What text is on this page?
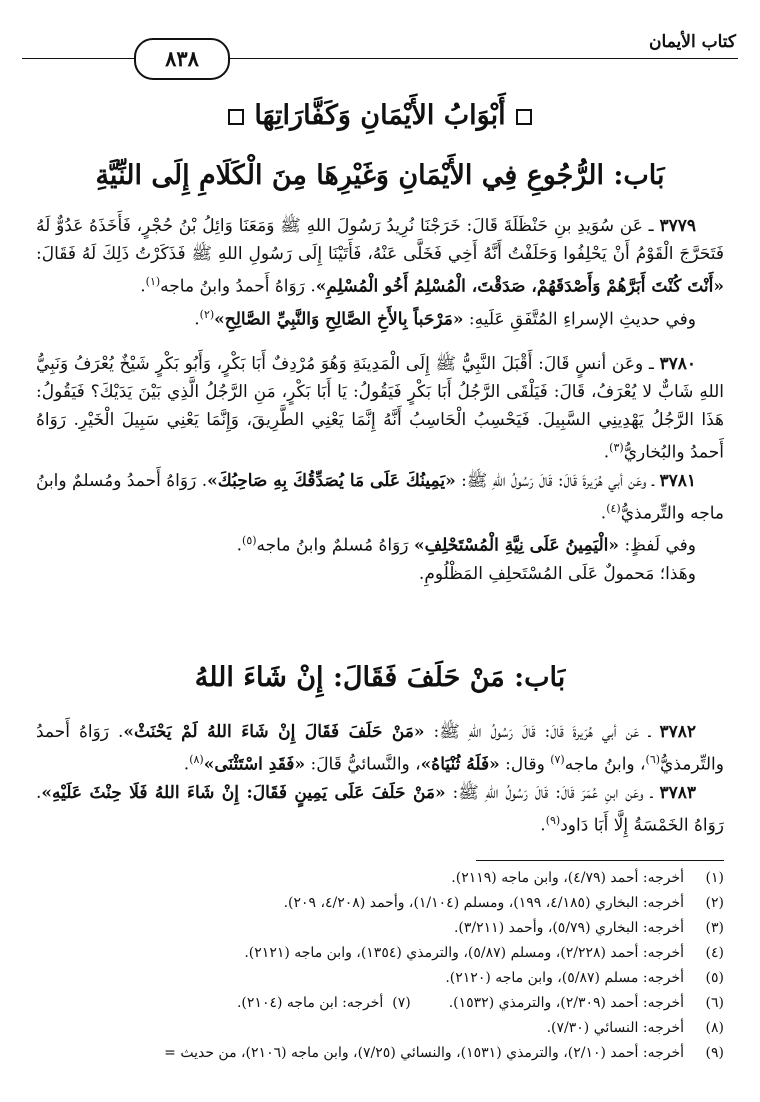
كتاب الأيمان
٨٣٨
أَبْوَابُ الأَيْمَانِ وَكَفَّارَاتِهَا
بَاب: الرُّجُوعِ فِي الأَيْمَانِ وَغَيْرِهَا مِنَ الْكَلَامِ إِلَى النِّيَّةِ

٣٧٧٩ ـ عَن سُوَيدِ بنِ حَنْظَلَةَ قَالَ: خَرَجْنَا نُرِيدُ رَسُولَ اللهِ ﷺ وَمَعَنَا وَائِلُ بْنُ حُجْرٍ، فَأَخَذَهُ عَدُوٌّ لَهُ فَتَحَرَّجَ الْقَوْمُ أَنْ يَحْلِفُوا وَحَلَفْتُ أَنَّهُ أَخِي فَخَلَّى عَنْهُ، فَأَتَيْنَا إِلَى رَسُولِ اللهِ ﷺ فَذَكَرْتُ ذَلِكَ لَهُ فَقَالَ: «أَنْتَ كُنْتَ أَبَرَّهُمْ وَأَصْدَقَهُمْ، صَدَقْتَ، الْمُسْلِمُ أَخُو الْمُسْلِمِ». رَوَاهُ أَحمدُ وابنُ ماجه$^{(١)}$.

وفي حديثِ الإسراءِ المُتَّفَقِ عَلَيهِ: «مَرْحَباً بِالأَخِ الصَّالِحِ وَالنَّبِيِّ الصَّالِحِ»$^{(٢)}$.

٣٧٨٠ ـ وعَن أنسٍ قَالَ: أَقْبَلَ النَّبِيُّ ﷺ إِلَى الْمَدِينَةِ وَهُوَ مُرْدِفٌ أَبَا بَكْرٍ، وَأَبُو بَكْرٍ شَيْخٌ يُعْرَفُ وَنَبِيُّ اللهِ شَابٌّ لا يُعْرَفُ، قَالَ: فَيَلْقَى الرَّجُلُ أَبَا بَكْرٍ فَيَقُولُ: يَا أَبَا بَكْرٍ، مَنِ الرَّجُلُ الَّذِي بَيْنَ يَدَيْكَ؟ فَيَقُولُ: هَذَا الرَّجُلُ يَهْدِينِي السَّبِيلَ. فَيَحْسِبُ الْحَاسِبُ أَنَّهُ إِنَّمَا يَعْنِي الطَّرِيقَ، وَإِنَّمَا يَعْنِي سَبِيلَ الْخَيْرِ. رَوَاهُ أَحمدُ والبُخاريُّ$^{(٣)}$.

٣٧٨١ ـ وعَن أبي هُرَيرةَ قَالَ: قَالَ رَسُولُ اللهِ ﷺ: «يَمِينُكَ عَلَى مَا يُصَدِّقُكَ بِهِ صَاحِبُكَ». رَوَاهُ أَحمدُ ومُسلمٌ وابنُ ماجه والتِّرمذيُّ$^{(٤)}$.

وفي لَفظٍ: «الْيَمِينُ عَلَى نِيَّةِ الْمُسْتَحْلِفِ» رَوَاهُ مُسلمٌ وابنُ ماجه$^{(٥)}$.

وهَذا؛ مَحمولٌ عَلَى المُسْتَحلِفِ المَظْلُومِ.

بَاب: مَنْ حَلَفَ فَقَالَ: إِنْ شَاءَ اللهُ

٣٧٨٢ ـ عَن أبي هُرَيرةَ قَالَ: قَالَ رَسُولُ اللهِ ﷺ: «مَنْ حَلَفَ فَقَالَ إِنْ شَاءَ اللهُ لَمْ يَحْنَثْ». رَوَاهُ أَحمدُ والتِّرمذيُّ$^{(٦)}$، وابنُ ماجه$^{(٧)}$ وقال: «فَلَهُ ثُنْيَاهُ»، والنَّسائيُّ قَالَ: «فَقَدِ اسْتَثْنَى»$^{(٨)}$.

٣٧٨٣ ـ وعَن ابنِ عُمَرَ قَالَ: قَالَ رَسُولُ اللهِ ﷺ: «مَنْ حَلَفَ عَلَى يَمِينٍ فَقَالَ: إِنْ شَاءَ اللهُ فَلَا حِنْثَ عَلَيْهِ». رَوَاهُ الخَمْسَةُ إِلَّا أَبَا دَاود$^{(٩)}$.

(١)
أخرجه: أحمد (٤/٧٩)، وابن ماجه (٢١١٩).
(٢)
أخرجه: البخاري (٤/١٨٥، ١٩٩)، ومسلم (١/١٠٤)، وأحمد (٤/٢٠٨، ٢٠٩).
(٣)
أخرجه: البخاري (٥/٧٩)، وأحمد (٣/٢١١).
(٤)
أخرجه: أحمد (٢/٢٢٨)، ومسلم (٥/٨٧)، والترمذي (١٣٥٤)، وابن ماجه (٢١٢١).
(٥)
أخرجه: مسلم (٥/٨٧)، وابن ماجه (٢١٢٠).
(٦)
أخرجه: أحمد (٢/٣٠٩)، والترمذي (١٥٣٢).(٧)  أخرجه: ابن ماجه (٢١٠٤).
(٨)
أخرجه: النسائي (٧/٣٠).
(٩)
أخرجه: أحمد (٢/١٠)، والترمذي (١٥٣١)، والنسائي (٧/٢٥)، وابن ماجه (٢١٠٦)، من حديث =
